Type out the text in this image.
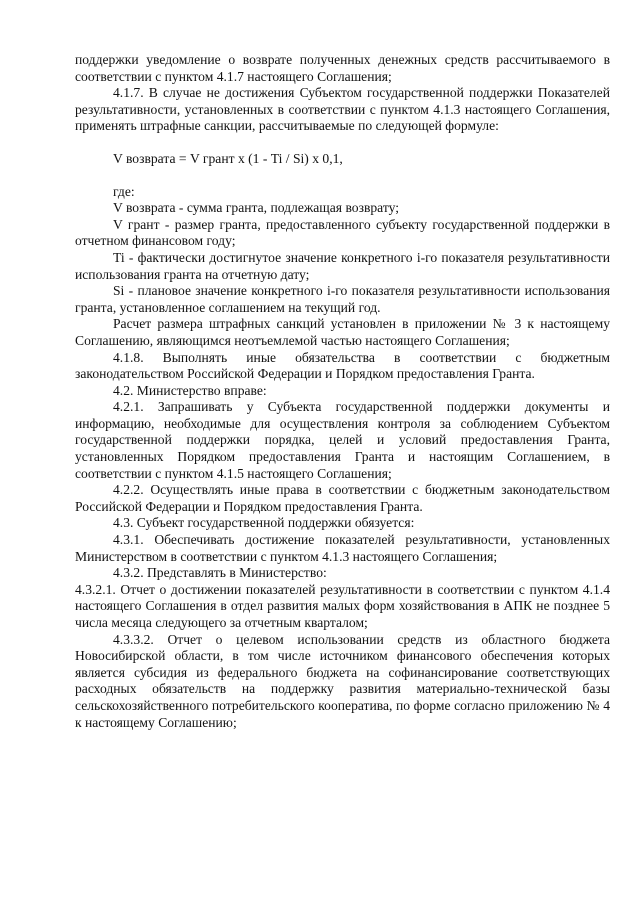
поддержки уведомление о возврате полученных денежных средств рассчитываемого в соответствии с пунктом 4.1.7 настоящего Соглашения;

4.1.7. В случае не достижения Субъектом государственной поддержки Показателей результативности, установленных в соответствии с пунктом 4.1.3 настоящего Соглашения, применять штрафные санкции, рассчитываемые по следующей формуле:

V возврата = V грант х (1 - Ti / Si) х 0,1,

где:

V возврата - сумма гранта, подлежащая возврату;

V грант - размер гранта, предоставленного субъекту государственной поддержки в отчетном финансовом году;

Ti - фактически достигнутое значение конкретного i-го показателя результативности использования гранта на отчетную дату;

Si - плановое значение конкретного i-го показателя результативности использования гранта, установленное соглашением на текущий год.

Расчет размера штрафных санкций установлен в приложении № 3 к настоящему Соглашению, являющимся неотъемлемой частью настоящего Соглашения;

4.1.8. Выполнять иные обязательства в соответствии с бюджетным законодательством Российской Федерации и Порядком предоставления Гранта.

4.2. Министерство вправе:

4.2.1. Запрашивать у Субъекта государственной поддержки документы и информацию, необходимые для осуществления контроля за соблюдением Субъектом государственной поддержки порядка, целей и условий предоставления Гранта, установленных Порядком предоставления Гранта и настоящим Соглашением, в соответствии с пунктом 4.1.5 настоящего Соглашения;

4.2.2. Осуществлять иные права в соответствии с бюджетным законодательством Российской Федерации и Порядком предоставления Гранта.

4.3. Субъект государственной поддержки обязуется:

4.3.1. Обеспечивать достижение показателей результативности, установленных Министерством в соответствии с пунктом 4.1.3 настоящего Соглашения;

4.3.2. Представлять в Министерство:

4.3.2.1. Отчет о достижении показателей результативности в соответствии с пунктом 4.1.4 настоящего Соглашения в отдел развития малых форм хозяйствования в АПК не позднее 5 числа месяца следующего за отчетным кварталом;

4.3.3.2. Отчет о целевом использовании средств из областного бюджета Новосибирской области, в том числе источником финансового обеспечения которых является субсидия из федерального бюджета на софинансирование соответствующих расходных обязательств на поддержку развития материально-технической базы сельскохозяйственного потребительского кооператива, по форме согласно приложению № 4 к настоящему Соглашению;
